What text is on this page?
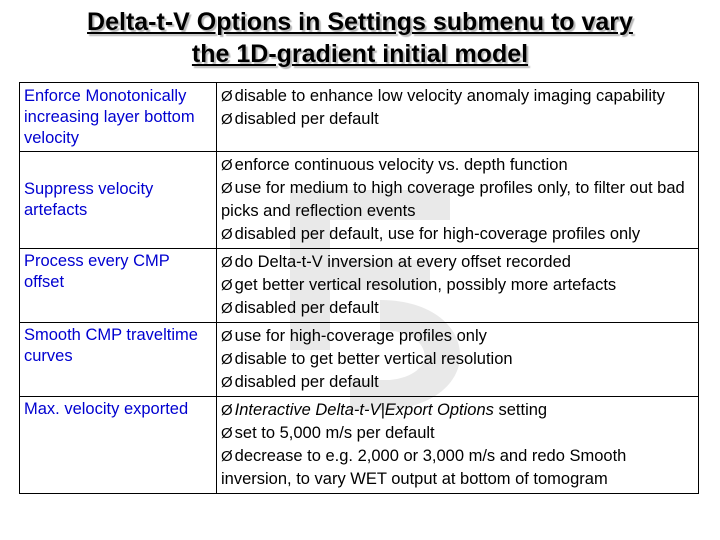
Delta-t-V Options in Settings submenu to vary
the 1D-gradient initial model
Enforce Monotonically increasing layer bottom velocity	Ø disable to enhance low velocity anomaly imaging capability
Ø disabled per default

Suppress velocity artefacts	Ø enforce continuous velocity vs. depth function
Ø use for medium to high coverage profiles only, to filter out bad picks and reflection events
Ø disabled per default, use for high-coverage profiles only

Process every CMP offset	Ø do Delta-t-V inversion at every offset recorded
Ø get better vertical resolution, possibly more artefacts
Ø disabled per default

Smooth CMP traveltime curves	Ø use for high-coverage profiles only
Ø disable to get better vertical resolution
Ø disabled per default

Max. velocity exported	Ø Interactive Delta-t-V|Export Options setting
Ø set to 5,000 m/s per default
Ø decrease to e.g. 2,000 or 3,000 m/s and redo Smooth inversion, to vary WET output at bottom of tomogram
